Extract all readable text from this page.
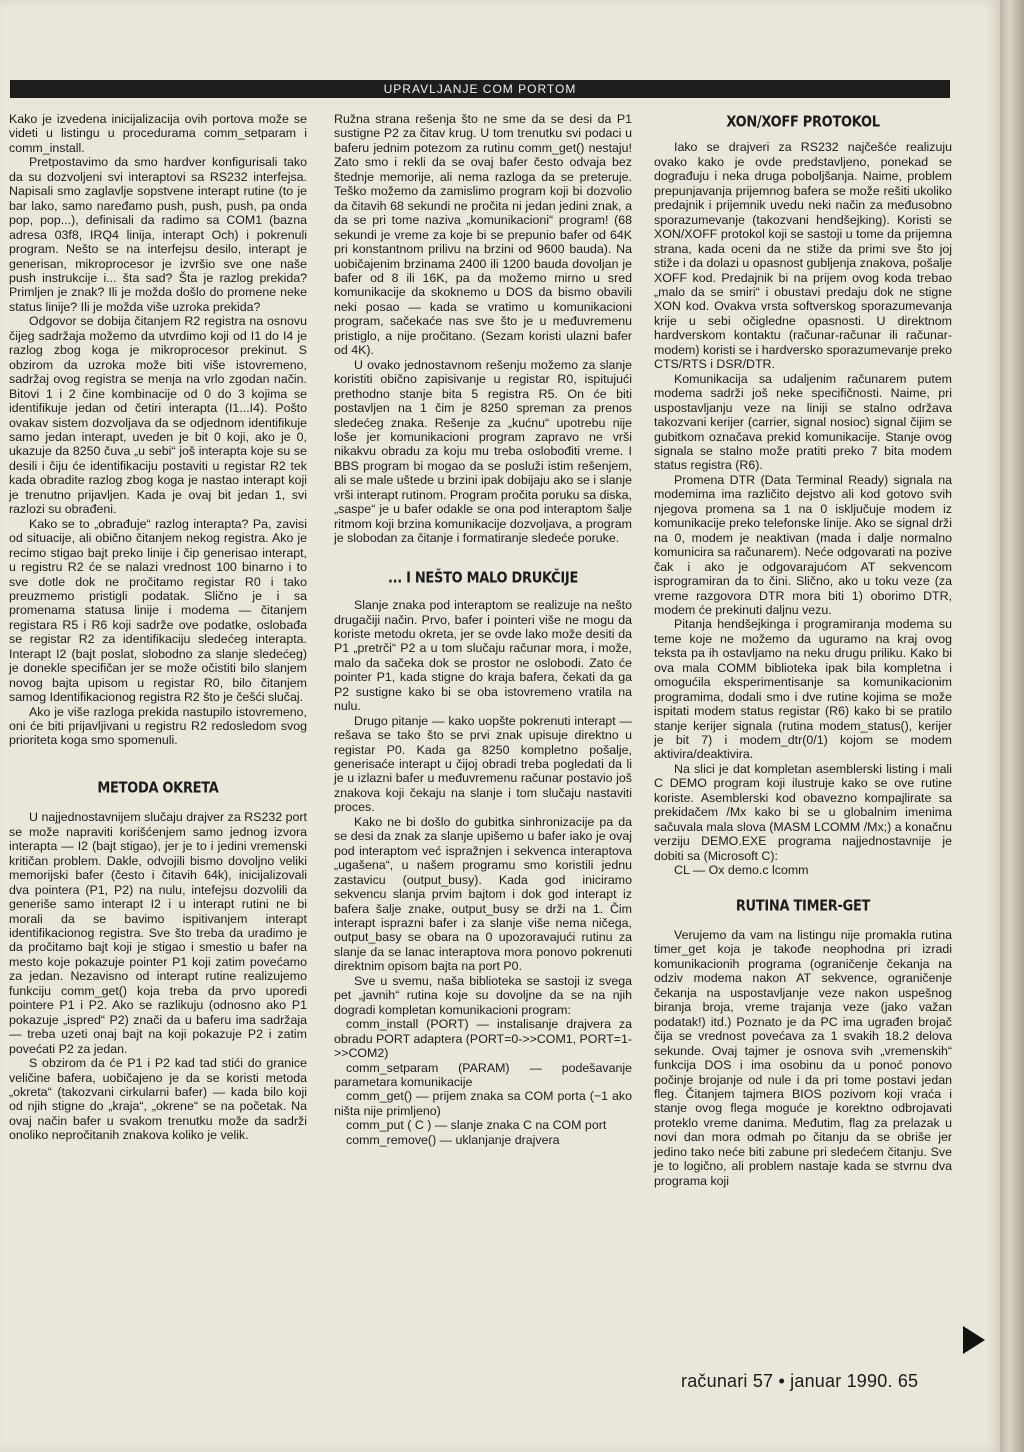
UPRAVLJANJE COM PORTOM

Kako je izvedena inicijalizacija ovih portova može se videti u listingu u procedurama comm_setparam i comm_install.

Pretpostavimo da smo hardver konfigurisali tako da su dozvoljeni svi interaptovi sa RS232 interfejsa. Napisali smo zaglavlje sopstvene interapt rutine (to je bar lako, samo naređamo push, push, push, pa onda pop, pop...), definisali da radimo sa COM1 (bazna adresa 03f8, IRQ4 linija, interapt Och) i pokrenuli program. Nešto se na interfejsu desilo, interapt je generisan, mikroprocesor je izvršio sve one naše push instrukcije i... šta sad? Šta je razlog prekida? Primljen je znak? Ili je možda došlo do promene neke status linije? Ili je možda više uzroka prekida?

Odgovor se dobija čitanjem R2 registra na osnovu čijeg sadržaja možemo da utvrdimo koji od I1 do I4 je razlog zbog koga je mikroprocesor prekinut. S obzirom da uzroka može biti više istovremeno, sadržaj ovog registra se menja na vrlo zgodan način. Bitovi 1 i 2 čine kombinacije od 0 do 3 kojima se identifikuje jedan od četiri interapta (I1...I4). Pošto ovakav sistem dozvoljava da se odjednom identifikuje samo jedan interapt, uveden je bit 0 koji, ako je 0, ukazuje da 8250 čuva „u sebi“ još interapta koje su se desili i čiju će identifikaciju postaviti u registar R2 tek kada obradite razlog zbog koga je nastao interapt koji je trenutno prijavljen. Kada je ovaj bit jedan 1, svi razlozi su obrađeni.

Kako se to „obrađuje“ razlog interapta? Pa, zavisi od situacije, ali obično čitanjem nekog registra. Ako je recimo stigao bajt preko linije i čip generisao interapt, u registru R2 će se nalazi vrednost 100 binarno i to sve dotle dok ne pročitamo registar R0 i tako preuzmemo pristigli podatak. Slično je i sa promenama statusa linije i modema — čitanjem registara R5 i R6 koji sadrže ove podatke, oslobađa se registar R2 za identifikaciju sledećeg interapta. Interapt I2 (bajt poslat, slobodno za slanje sledećeg) je donekle specifičan jer se može očistiti bilo slanjem novog bajta upisom u registar R0, bilo čitanjem samog Identifikacionog registra R2 što je češći slučaj.

Ako je više razloga prekida nastupilo istovremeno, oni će biti prijavljivani u registru R2 redosledom svog prioriteta koga smo spomenuli.

METODA OKRETA

U najjednostavnijem slučaju drajver za RS232 port se može napraviti korišćenjem samo jednog izvora interapta — I2 (bajt stigao), jer je to i jedini vremenski kritičan problem. Dakle, odvojili bismo dovoljno veliki memorijski bafer (često i čitavih 64k), inicijalizovali dva pointera (P1, P2) na nulu, intefejsu dozvolili da generiše samo interapt I2 i u interapt rutini ne bi morali da se bavimo ispitivanjem interapt identifikacionog registra. Sve što treba da uradimo je da pročitamo bajt koji je stigao i smestio u bafer na mesto koje pokazuje pointer P1 koji zatim povećamo za jedan. Nezavisno od interapt rutine realizujemo funkciju comm_get() koja treba da prvo uporedi pointere P1 i P2. Ako se razlikuju (odnosno ako P1 pokazuje „ispred“ P2) znači da u baferu ima sadržaja — treba uzeti onaj bajt na koji pokazuje P2 i zatim povećati P2 za jedan.

S obzirom da će P1 i P2 kad tad stići do granice veličine bafera, uobičajeno je da se koristi metoda „okreta“ (takozvani cirkularni bafer) — kada bilo koji od njih stigne do „kraja“, „okrene“ se na početak. Na ovaj način bafer u svakom trenutku može da sadrži onoliko nepročitanih znakova koliko je velik.

Ružna strana rešenja što ne sme da se desi da P1 sustigne P2 za čitav krug. U tom trenutku svi podaci u baferu jednim potezom za rutinu comm_get() nestaju! Zato smo i rekli da se ovaj bafer često odvaja bez štednje memorije, ali nema razloga da se preteruje. Teško možemo da zamislimo program koji bi dozvolio da čitavih 68 sekundi ne pročita ni jedan jedini znak, a da se pri tome naziva „komunikacioni“ program! (68 sekundi je vreme za koje bi se prepunio bafer od 64K pri konstantnom prilivu na brzini od 9600 bauda). Na uobičajenim brzinama 2400 ili 1200 bauda dovoljan je bafer od 8 ili 16K, pa da možemo mirno u sred komunikacije da skoknemo u DOS da bismo obavili neki posao — kada se vratimo u komunikacioni program, sačekaće nas sve što je u međuvremenu pristiglo, a nije pročitano. (Sezam koristi ulazni bafer od 4K).

U ovako jednostavnom rešenju možemo za slanje koristiti obično zapisivanje u registar R0, ispitujući prethodno stanje bita 5 registra R5. On će biti postavljen na 1 čim je 8250 spreman za prenos sledećeg znaka. Rešenje za „kućnu“ upotrebu nije loše jer komunikacioni program zapravo ne vrši nikakvu obradu za koju mu treba oslobođiti vreme. I BBS program bi mogao da se posluži istim rešenjem, ali se male uštede u brzini ipak dobijaju ako se i slanje vrši interapt rutinom. Program pročita poruku sa diska, „saspe“ je u bafer odakle se ona pod interaptom šalje ritmom koji brzina komunikacije dozvoljava, a program je slobodan za čitanje i formatiranje sledeće poruke.

... I NEŠTO MALO DRUKČIJE

Slanje znaka pod interaptom se realizuje na nešto drugačiji način. Prvo, bafer i pointeri više ne mogu da koriste metodu okreta, jer se ovde lako može desiti da P1 „pretrči“ P2 a u tom slučaju računar mora, i može, malo da sačeka dok se prostor ne oslobodi. Zato će pointer P1, kada stigne do kraja bafera, čekati da ga P2 sustigne kako bi se oba istovremeno vratila na nulu.

Drugo pitanje — kako uopšte pokrenuti interapt — rešava se tako što se prvi znak upisuje direktno u registar P0. Kada ga 8250 kompletno pošalje, generisaće interapt u čijoj obradi treba pogledati da li je u izlazni bafer u međuvremenu računar postavio još znakova koji čekaju na slanje i tom slučaju nastaviti proces.

Kako ne bi došlo do gubitka sinhronizacije pa da se desi da znak za slanje upišemo u bafer iako je ovaj pod interaptom već ispražnjen i sekvenca interaptova „ugašena“, u našem programu smo koristili jednu zastavicu (output_busy). Kada god iniciramo sekvencu slanja prvim bajtom i dok god interapt iz bafera šalje znake, output_busy se drži na 1. Čim interapt isprazni bafer i za slanje više nema ničega, output_basy se obara na 0 upozoravajući rutinu za slanje da se lanac interaptova mora ponovo pokrenuti direktnim opisom bajta na port P0.

Sve u svemu, naša biblioteka se sastoji iz svega pet „javnih“ rutina koje su dovoljne da se na njih dogradi kompletan komunikacioni program:

comm_install (PORT) — instalisanje drajvera za obradu PORT adaptera (PORT=0->>COM1, PORT=1->>COM2)

comm_setparam (PARAM) — podešavanje parametara komunikacije

comm_get() — prijem znaka sa COM porta (−1 ako ništa nije primljeno)

comm_put ( C ) — slanje znaka C na COM port

comm_remove() — uklanjanje drajvera

XON/XOFF PROTOKOL

Iako se drajveri za RS232 najčešće realizuju ovako kako je ovde predstavljeno, ponekad se dograđuju i neka druga poboljšanja. Naime, problem prepunjavanja prijemnog bafera se može rešiti ukoliko predajnik i prijemnik uvedu neki način za međusobno sporazumevanje (takozvani hendšejking). Koristi se XON/XOFF protokol koji se sastoji u tome da prijemna strana, kada oceni da ne stiže da primi sve što joj stiže i da dolazi u opasnost gubljenja znakova, pošalje XOFF kod. Predajnik bi na prijem ovog koda trebao „malo da se smiri“ i obustavi predaju dok ne stigne XON kod. Ovakva vrsta softverskog sporazumevanja krije u sebi očigledne opasnosti. U direktnom hardverskom kontaktu (računar-računar ili računar-modem) koristi se i hardversko sporazumevanje preko CTS/RTS i DSR/DTR.

Komunikacija sa udaljenim računarem putem modema sadrži još neke specifičnosti. Naime, pri uspostavljanju veze na liniji se stalno održava takozvani kerijer (carrier, signal nosioc) signal čijim se gubitkom označava prekid komunikacije. Stanje ovog signala se stalno može pratiti preko 7 bita modem status registra (R6).

Promena DTR (Data Terminal Ready) signala na modemima ima različito dejstvo ali kod gotovo svih njegova promena sa 1 na 0 isključuje modem iz komunikacije preko telefonske linije. Ako se signal drži na 0, modem je neaktivan (mada i dalje normalno komunicira sa računarem). Neće odgovarati na pozive čak i ako je odgovarajućom AT sekvencom isprogramiran da to čini. Slično, ako u toku veze (za vreme razgovora DTR mora biti 1) oborimo DTR, modem će prekinuti daljnu vezu.

Pitanja hendšejkinga i programiranja modema su teme koje ne možemo da uguramo na kraj ovog teksta pa ih ostavljamo na neku drugu priliku. Kako bi ova mala COMM biblioteka ipak bila kompletna i omogućila eksperimentisanje sa komunikacionim programima, dodali smo i dve rutine kojima se može ispitati modem status registar (R6) kako bi se pratilo stanje kerijer signala (rutina modem_status(), kerijer je bit 7) i modem_dtr(0/1) kojom se modem aktivira/deaktivira.

Na slici je dat kompletan asemblerski listing i mali C DEMO program koji ilustruje kako se ove rutine koriste. Asemblerski kod obavezno kompajlirate sa prekidačem /Mx kako bi se u globalnim imenima sačuvala mala slova (MASM LCOMM /Mx;) a konačnu verziju DEMO.EXE programa najjednostavnije je dobiti sa (Microsoft C):

CL — Ox demo.c lcomm

RUTINA TIMER-GET

Verujemo da vam na listingu nije promakla rutina timer_get koja je takođe neophodna pri izradi komunikacionih programa (ograničenje čekanja na odziv modema nakon AT sekvence, ograničenje čekanja na uspostavljanje veze nakon uspešnog biranja broja, vreme trajanja veze (jako važan podatak!) itd.) Poznato je da PC ima ugrađen brojač čija se vrednost povećava za 1 svakih 18.2 delova sekunde. Ovaj tajmer je osnova svih „vremenskih“ funkcija DOS i ima osobinu da u ponoć ponovo počinje brojanje od nule i da pri tome postavi jedan fleg. Čitanjem tajmera BIOS pozivom koji vraća i stanje ovog flega moguće je korektno odbrojavati proteklo vreme danima. Međutim, flag za prelazak u novi dan mora odmah po čitanju da se obriše jer jedino tako neće biti zabune pri sledećem čitanju. Sve je to logično, ali problem nastaje kada se stvrnu dva programa koji

računari 57 • januar 1990. 65
